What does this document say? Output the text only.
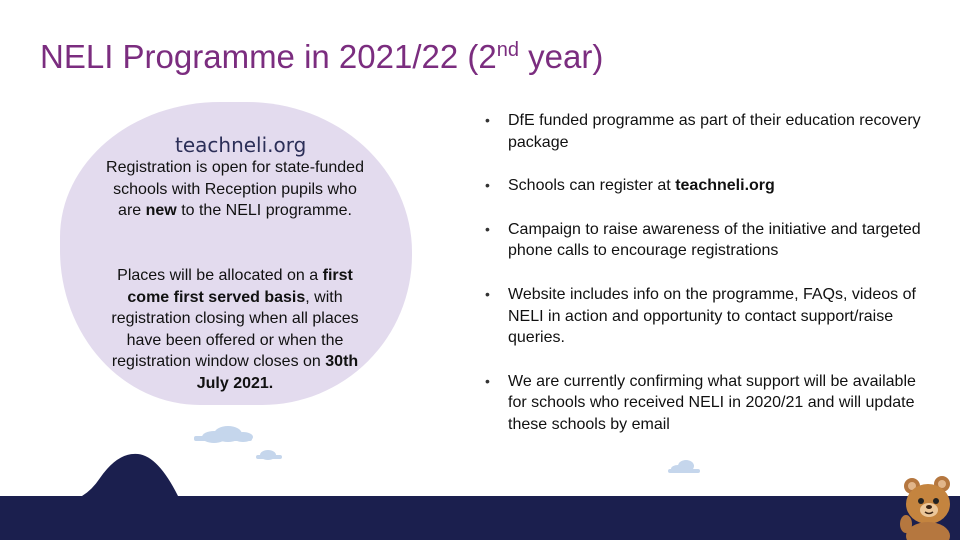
NELI Programme in 2021/22 (2nd year)
teachneli.org

Registration is open for state-funded schools with Reception pupils who are new to the NELI programme.

Places will be allocated on a first come first served basis, with registration closing when all places have been offered or when the registration window closes on 30th July 2021.

• DfE funded programme as part of their education recovery package
• Schools can register at teachneli.org
• Campaign to raise awareness of the initiative and targeted phone calls to encourage registrations
• Website includes info on the programme, FAQs, videos of NELI in action and opportunity to contact support/raise queries.
• We are currently confirming what support will be available for schools who received NELI in 2020/21 and will update these schools by email
